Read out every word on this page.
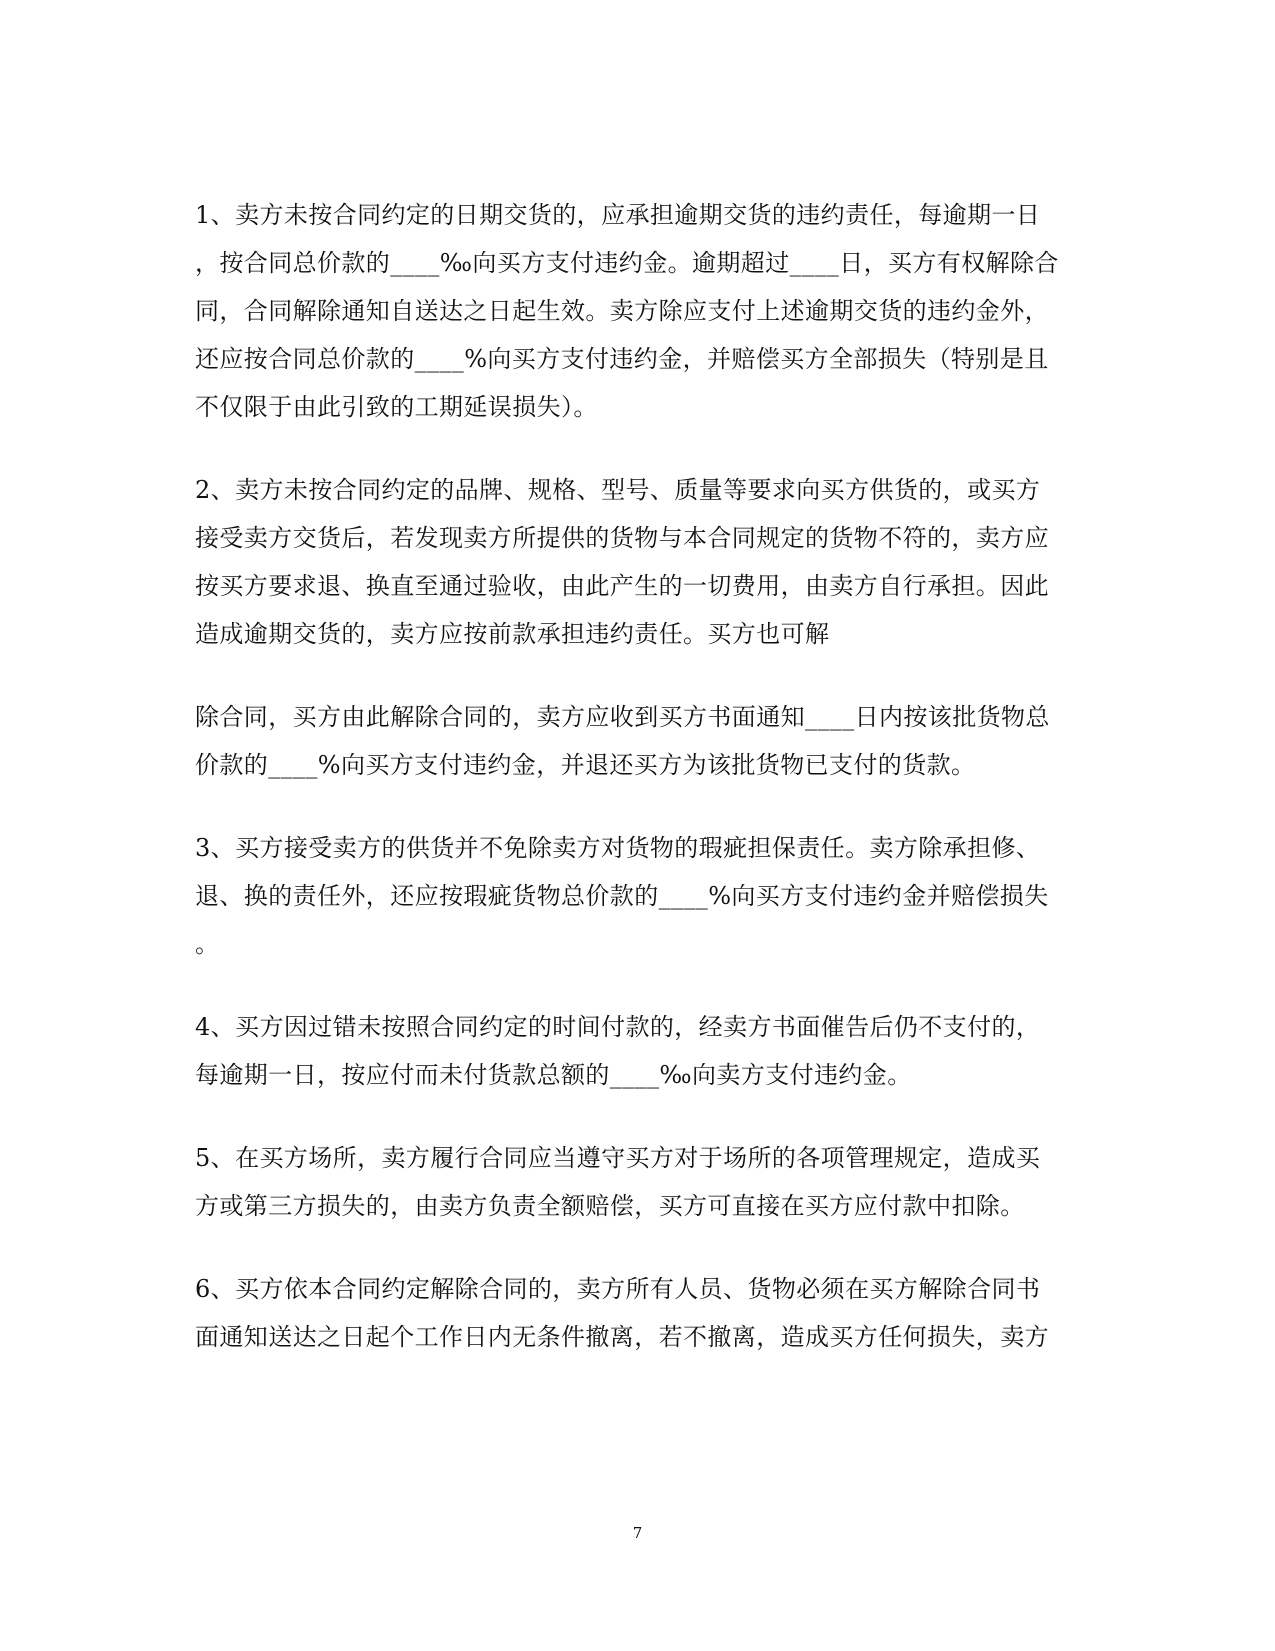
1、卖方未按合同约定的日期交货的，应承担逾期交货的违约责任，每逾期一日
，按合同总价款的____‰向买方支付违约金。逾期超过____日，买方有权解除合
同，合同解除通知自送达之日起生效。卖方除应支付上述逾期交货的违约金外，
还应按合同总价款的____%向买方支付违约金，并赔偿买方全部损失（特别是且
不仅限于由此引致的工期延误损失）。
2、卖方未按合同约定的品牌、规格、型号、质量等要求向买方供货的，或买方
接受卖方交货后，若发现卖方所提供的货物与本合同规定的货物不符的，卖方应
按买方要求退、换直至通过验收，由此产生的一切费用，由卖方自行承担。因此
造成逾期交货的，卖方应按前款承担违约责任。买方也可解
除合同，买方由此解除合同的，卖方应收到买方书面通知____日内按该批货物总
价款的____%向买方支付违约金，并退还买方为该批货物已支付的货款。
3、买方接受卖方的供货并不免除卖方对货物的瑕疵担保责任。卖方除承担修、
退、换的责任外，还应按瑕疵货物总价款的____%向买方支付违约金并赔偿损失
。
4、买方因过错未按照合同约定的时间付款的，经卖方书面催告后仍不支付的，
每逾期一日，按应付而未付货款总额的____‰向卖方支付违约金。
5、在买方场所，卖方履行合同应当遵守买方对于场所的各项管理规定，造成买
方或第三方损失的，由卖方负责全额赔偿，买方可直接在买方应付款中扣除。
6、买方依本合同约定解除合同的，卖方所有人员、货物必须在买方解除合同书
面通知送达之日起个工作日内无条件撤离，若不撤离，造成买方任何损失，卖方
7
